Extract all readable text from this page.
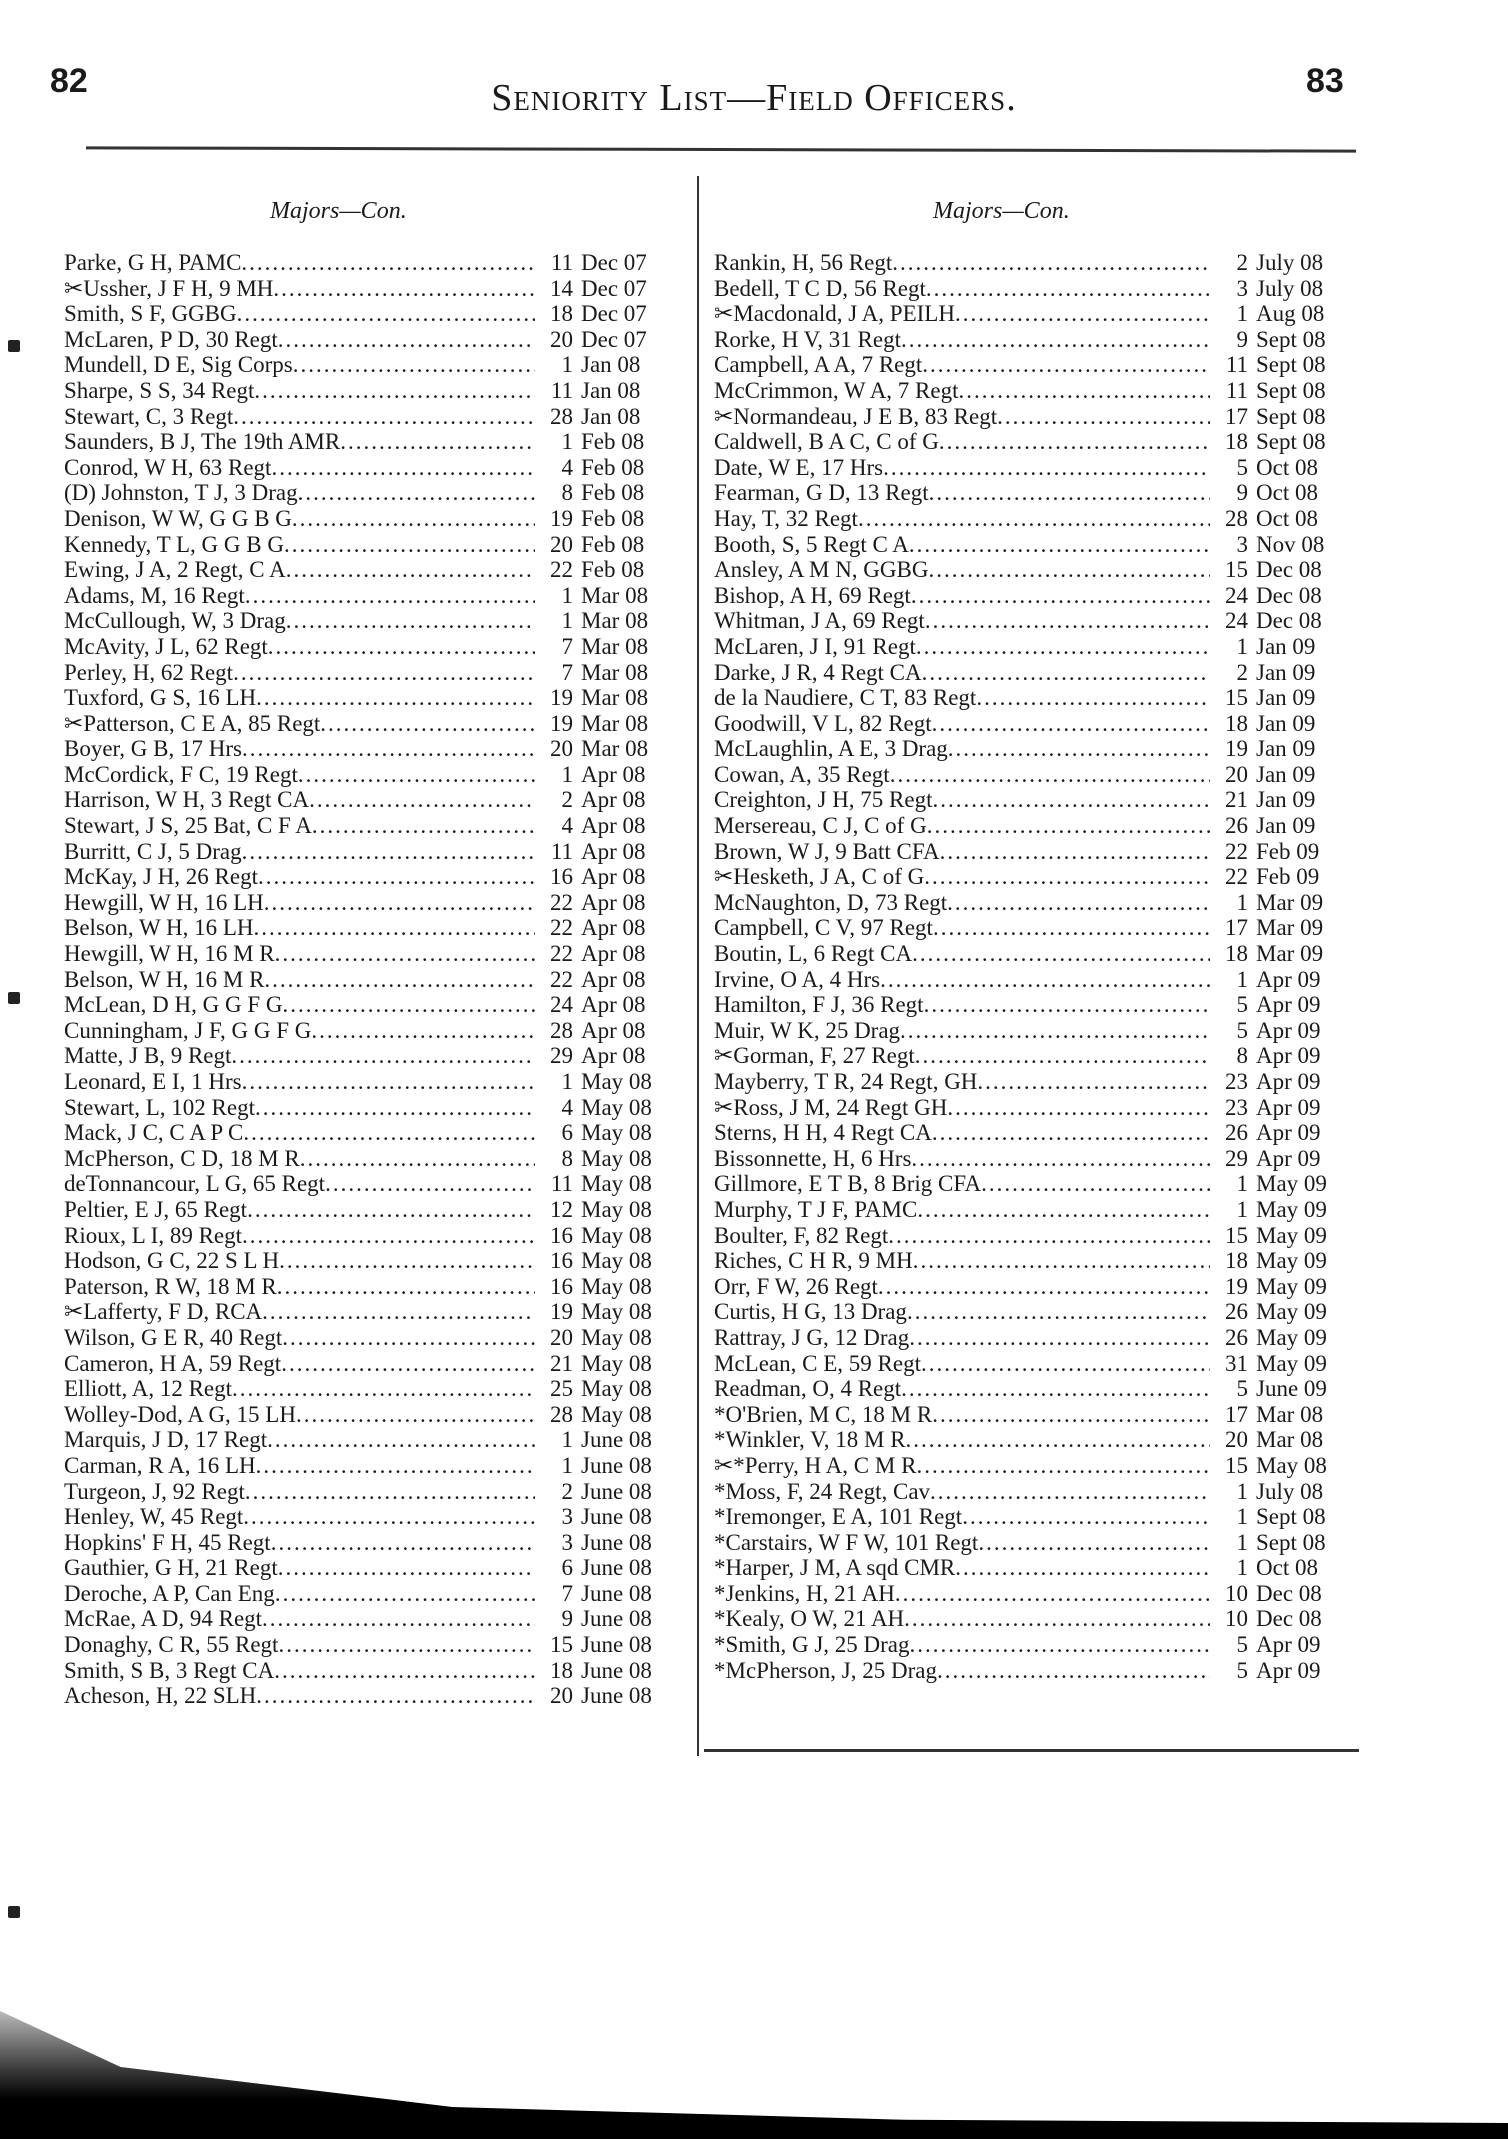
82	Seniority List—Field Officers.	83
Majors—Con.	Majors—Con.
Parke, G H, PAMC .....	11 Dec 07
✂Ussher, J F H, 9 MH .....	14 Dec 07
Smith, S F, GGBG .....	18 Dec 07
McLaren, P D, 30 Regt .....	20 Dec 07
Mundell, D E, Sig Corps .....	1 Jan 08
Sharpe, S S, 34 Regt .....	11 Jan 08
Stewart, C, 3 Regt .....	28 Jan 08
Saunders, B J, The 19th AMR .....	1 Feb 08
Conrod, W H, 63 Regt .....	4 Feb 08
(D) Johnston, T J, 3 Drag .....	8 Feb 08
Denison, W W, G G B G .....	19 Feb 08
Kennedy, T L, G G B G .....	20 Feb 08
Ewing, J A, 2 Regt, C A .....	22 Feb 08
Adams, M, 16 Regt .....	1 Mar 08
McCullough, W, 3 Drag .....	1 Mar 08
McAvity, J L, 62 Regt .....	7 Mar 08
Perley, H, 62 Regt .....	7 Mar 08
Tuxford, G S, 16 LH .....	19 Mar 08
✂Patterson, C E A, 85 Regt .....	19 Mar 08
Boyer, G B, 17 Hrs .....	20 Mar 08
McCordick, F C, 19 Regt .....	1 Apr 08
Harrison, W H, 3 Regt CA .....	2 Apr 08
Stewart, J S, 25 Bat, C F A .....	4 Apr 08
Burritt, C J, 5 Drag .....	11 Apr 08
McKay, J H, 26 Regt .....	16 Apr 08
Hewgill, W H, 16 LH .....	22 Apr 08
Belson, W H, 16 LH .....	22 Apr 08
Hewgill, W H, 16 M R .....	22 Apr 08
Belson, W H, 16 M R .....	22 Apr 08
McLean, D H, G G F G .....	24 Apr 08
Cunningham, J F, G G F G .....	28 Apr 08
Matte, J B, 9 Regt .....	29 Apr 08
Leonard, E I, 1 Hrs .....	1 May 08
Stewart, L, 102 Regt .....	4 May 08
Mack, J C, C A P C .....	6 May 08
McPherson, C D, 18 M R .....	8 May 08
deTonnancour, L G, 65 Regt .....	11 May 08
Peltier, E J, 65 Regt .....	12 May 08
Rioux, L I, 89 Regt .....	16 May 08
Hodson, G C, 22 S L H .....	16 May 08
Paterson, R W, 18 M R .....	16 May 08
✂Lafferty, F D, RCA .....	19 May 08
Wilson, G E R, 40 Regt .....	20 May 08
Cameron, H A, 59 Regt .....	21 May 08
Elliott, A, 12 Regt .....	25 May 08
Wolley-Dod, A G, 15 LH .....	28 May 08
Marquis, J D, 17 Regt .....	1 June 08
Carman, R A, 16 LH .....	1 June 08
Turgeon, J, 92 Regt .....	2 June 08
Henley, W, 45 Regt .....	3 June 08
Hopkins' F H, 45 Regt .....	3 June 08
Gauthier, G H, 21 Regt .....	6 June 08
Deroche, A P, Can Eng .....	7 June 08
McRae, A D, 94 Regt .....	9 June 08
Donaghy, C R, 55 Regt .....	15 June 08
Smith, S B, 3 Regt CA .....	18 June 08
Acheson, H, 22 SLH .....	20 June 08
Rankin, H, 56 Regt .....	2 July 08
Bedell, T C D, 56 Regt .....	3 July 08
✂Macdonald, J A, PEILH .....	1 Aug 08
Rorke, H V, 31 Regt .....	9 Sept 08
Campbell, A A, 7 Regt .....	11 Sept 08
McCrimmon, W A, 7 Regt .....	11 Sept 08
✂Normandeau, J E B, 83 Regt .....	17 Sept 08
Caldwell, B A C, C of G .....	18 Sept 08
Date, W E, 17 Hrs .....	5 Oct 08
Fearman, G D, 13 Regt .....	9 Oct 08
Hay, T, 32 Regt .....	28 Oct 08
Booth, S, 5 Regt C A .....	3 Nov 08
Ansley, A M N, GGBG .....	15 Dec 08
Bishop, A H, 69 Regt .....	24 Dec 08
Whitman, J A, 69 Regt .....	24 Dec 08
McLaren, J I, 91 Regt .....	1 Jan 09
Darke, J R, 4 Regt CA .....	2 Jan 09
de la Naudiere, C T, 83 Regt .....	15 Jan 09
Goodwill, V L, 82 Regt .....	18 Jan 09
McLaughlin, A E, 3 Drag .....	19 Jan 09
Cowan, A, 35 Regt .....	20 Jan 09
Creighton, J H, 75 Regt .....	21 Jan 09
Mersereau, C J, C of G .....	26 Jan 09
Brown, W J, 9 Batt CFA .....	22 Feb 09
✂Hesketh, J A, C of G .....	22 Feb 09
McNaughton, D, 73 Regt .....	1 Mar 09
Campbell, C V, 97 Regt .....	17 Mar 09
Boutin, L, 6 Regt CA .....	18 Mar 09
Irvine, O A, 4 Hrs .....	1 Apr 09
Hamilton, F J, 36 Regt .....	5 Apr 09
Muir, W K, 25 Drag .....	5 Apr 09
✂Gorman, F, 27 Regt .....	8 Apr 09
Mayberry, T R, 24 Regt, GH .....	23 Apr 09
✂Ross, J M, 24 Regt GH .....	23 Apr 09
Sterns, H H, 4 Regt CA .....	26 Apr 09
Bissonnette, H, 6 Hrs .....	29 Apr 09
Gillmore, E T B, 8 Brig CFA .....	1 May 09
Murphy, T J F, PAMC .....	1 May 09
Boulter, F, 82 Regt .....	15 May 09
Riches, C H R, 9 MH .....	18 May 09
Orr, F W, 26 Regt .....	19 May 09
Curtis, H G, 13 Drag .....	26 May 09
Rattray, J G, 12 Drag .....	26 May 09
McLean, C E, 59 Regt .....	31 May 09
Readman, O, 4 Regt .....	5 June 09
*O'Brien, M C, 18 M R .....	17 Mar 08
*Winkler, V, 18 M R .....	20 Mar 08
✂*Perry, H A, C M R .....	15 May 08
*Moss, F, 24 Regt, Cav .....	1 July 08
*Iremonger, E A, 101 Regt .....	1 Sept 08
*Carstairs, W F W, 101 Regt .....	1 Sept 08
*Harper, J M, A sqd CMR .....	1 Oct 08
*Jenkins, H, 21 AH .....	10 Dec 08
*Kealy, O W, 21 AH .....	10 Dec 08
*Smith, G J, 25 Drag .....	5 Apr 09
*McPherson, J, 25 Drag .....	5 Apr 09
